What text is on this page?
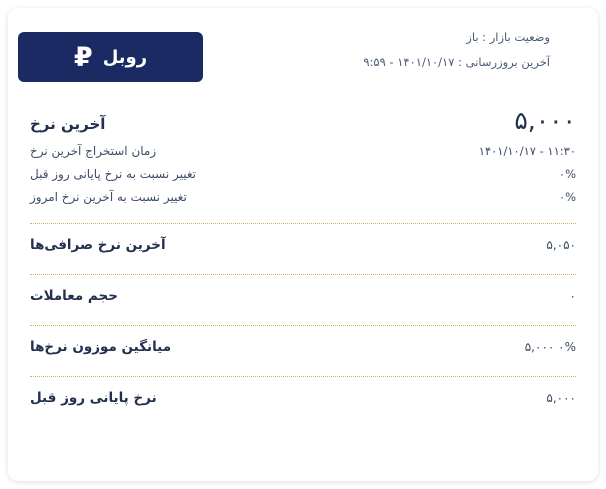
روبل
₽
وضعیت بازار : باز
آخرین بروزرسانی : ۱۴۰۱/۱۰/۱۷ - ۹:۵۹
آخرین نرخ	۵,۰۰۰
زمان استخراج آخرین نرخ	۱۴۰۱/۱۰/۱۷ - ۱۱:۳۰
تغییر نسبت به نرخ پایانی روز قبل	۰%
تغییر نسبت به آخرین نرخ امروز	۰%
آخرین نرخ صرافی‌ها	۵,۰۵۰
حجم معاملات	۰
میانگین موزون نرخ‌ها	۵,۰۰۰ ۰%
نرخ پایانی روز قبل	۵,۰۰۰
